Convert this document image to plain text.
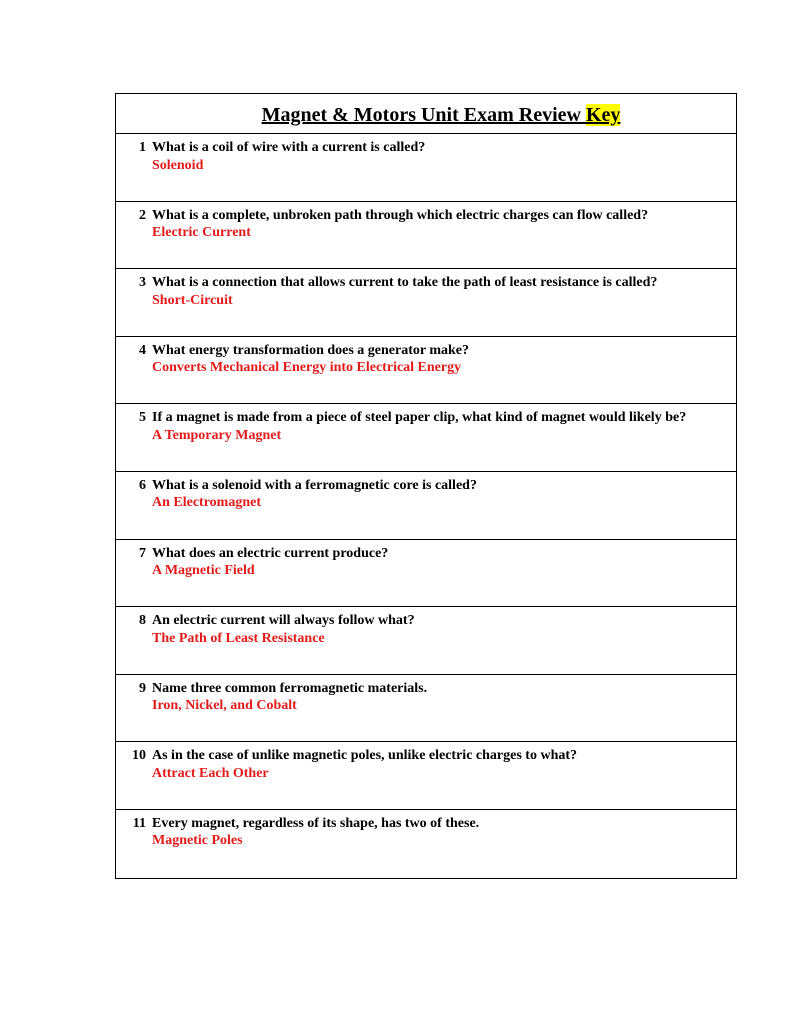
Magnet & Motors Unit Exam Review Key
1 What is a coil of wire with a current is called?
Solenoid
2 What is a complete, unbroken path through which electric charges can flow called?
Electric Current
3 What is a connection that allows current to take the path of least resistance is called?
Short-Circuit
4 What energy transformation does a generator make?
Converts Mechanical Energy into Electrical Energy
5 If a magnet is made from a piece of steel paper clip, what kind of magnet would likely be?
A Temporary Magnet
6 What is a solenoid with a ferromagnetic core is called?
An Electromagnet
7 What does an electric current produce?
A Magnetic Field
8 An electric current will always follow what?
The Path of Least Resistance
9 Name three common ferromagnetic materials.
Iron, Nickel, and Cobalt
10 As in the case of unlike magnetic poles, unlike electric charges to what?
Attract Each Other
11 Every magnet, regardless of its shape, has two of these.
Magnetic Poles
